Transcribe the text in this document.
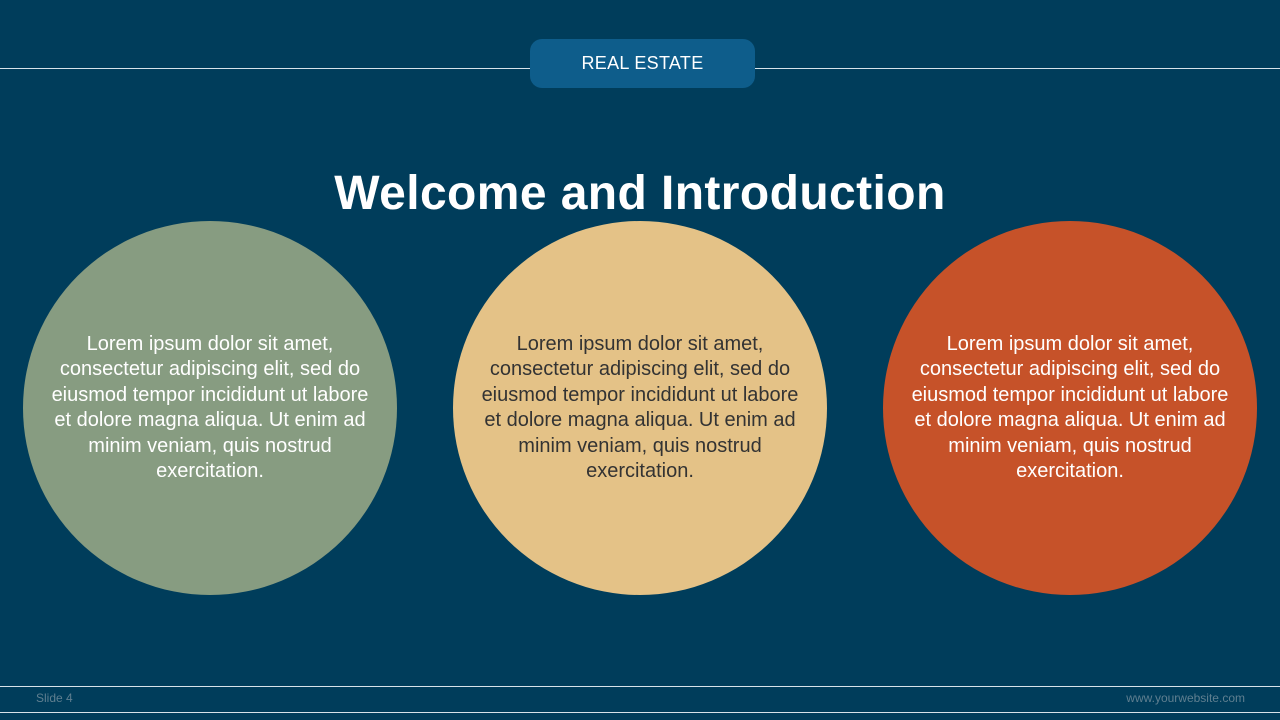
REAL ESTATE
Welcome and Introduction
Lorem ipsum dolor sit amet, consectetur adipiscing elit, sed do eiusmod tempor incididunt ut labore et dolore magna aliqua. Ut enim ad minim veniam, quis nostrud exercitation.
Lorem ipsum dolor sit amet, consectetur adipiscing elit, sed do eiusmod tempor incididunt ut labore et dolore magna aliqua. Ut enim ad minim veniam, quis nostrud exercitation.
Lorem ipsum dolor sit amet, consectetur adipiscing elit, sed do eiusmod tempor incididunt ut labore et dolore magna aliqua. Ut enim ad minim veniam, quis nostrud exercitation.
Slide 4	www.yourwebsite.com
